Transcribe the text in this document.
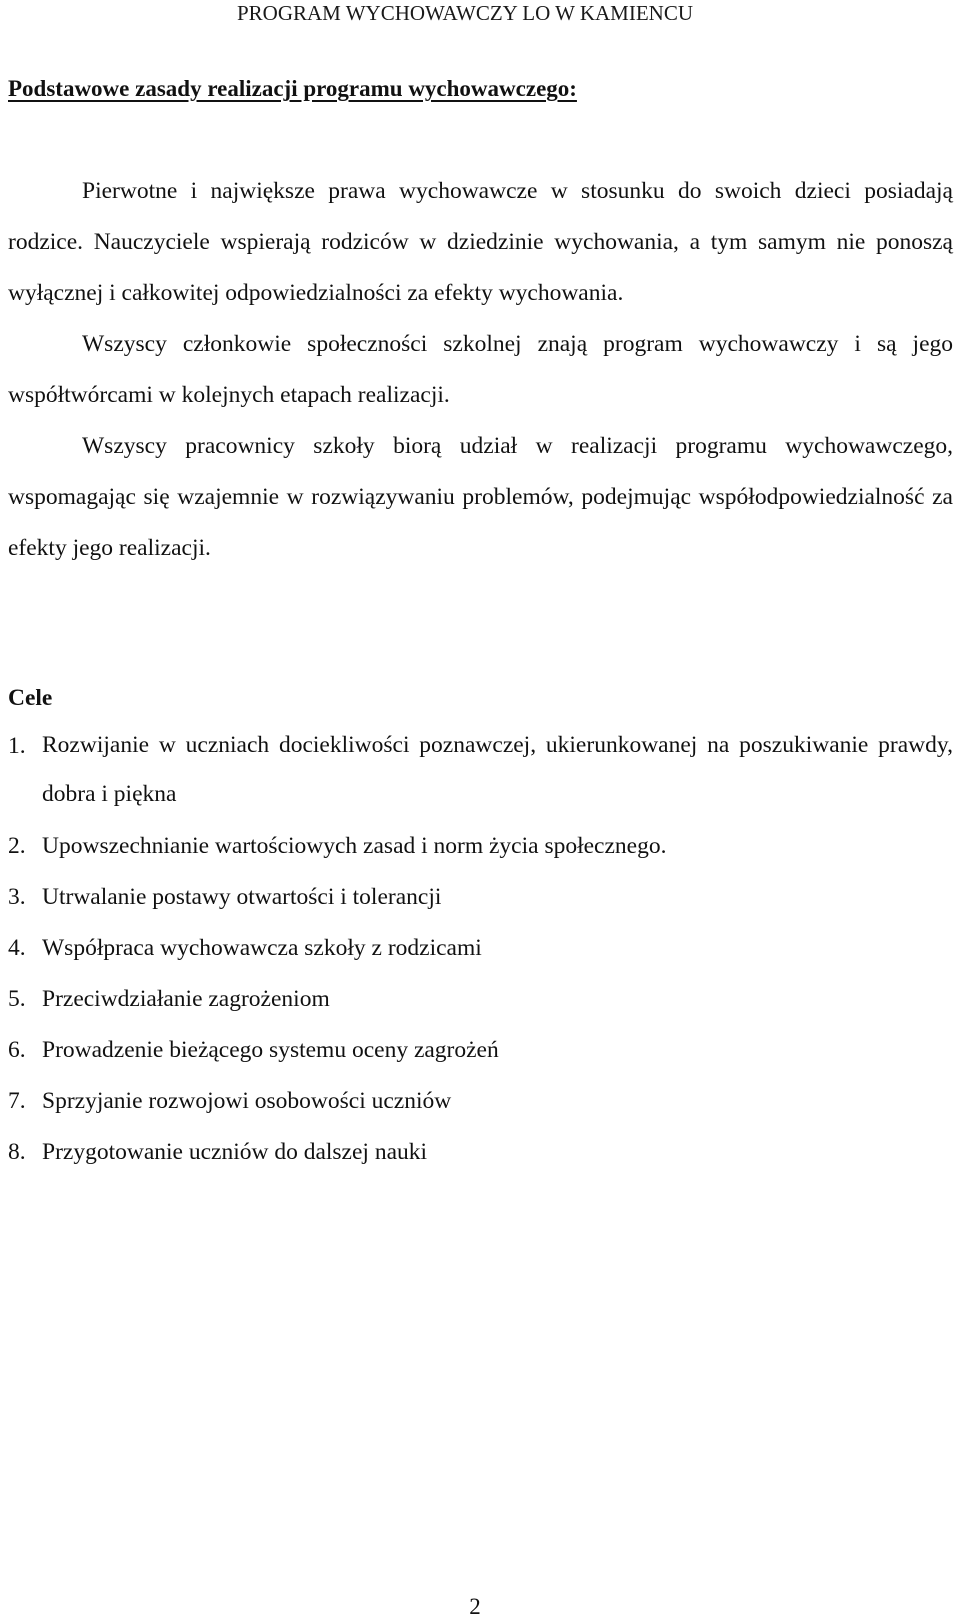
PROGRAM WYCHOWAWCZY LO W KAMIENCU
Podstawowe zasady realizacji programu wychowawczego:

Pierwotne i największe prawa wychowawcze w stosunku do swoich dzieci posiadają rodzice. Nauczyciele wspierają rodziców w dziedzinie wychowania, a tym samym nie ponoszą wyłącznej i całkowitej odpowiedzialności za efekty wychowania.

Wszyscy członkowie społeczności szkolnej znają program wychowawczy i są jego współtwórcami w kolejnych etapach realizacji.

Wszyscy pracownicy szkoły biorą udział w realizacji programu wychowawczego, wspomagając się wzajemnie w rozwiązywaniu problemów, podejmując współodpowiedzialność za efekty jego realizacji.

Cele
1. Rozwijanie w uczniach dociekliwości poznawczej, ukierunkowanej na poszukiwanie prawdy, dobra i piękna
2. Upowszechnianie wartościowych zasad i norm życia społecznego.
3. Utrwalanie postawy otwartości i tolerancji
4. Współpraca wychowawcza szkoły z rodzicami
5. Przeciwdziałanie zagrożeniom
6. Prowadzenie bieżącego systemu oceny zagrożeń
7. Sprzyjanie rozwojowi osobowości uczniów
8. Przygotowanie uczniów do dalszej nauki
2
